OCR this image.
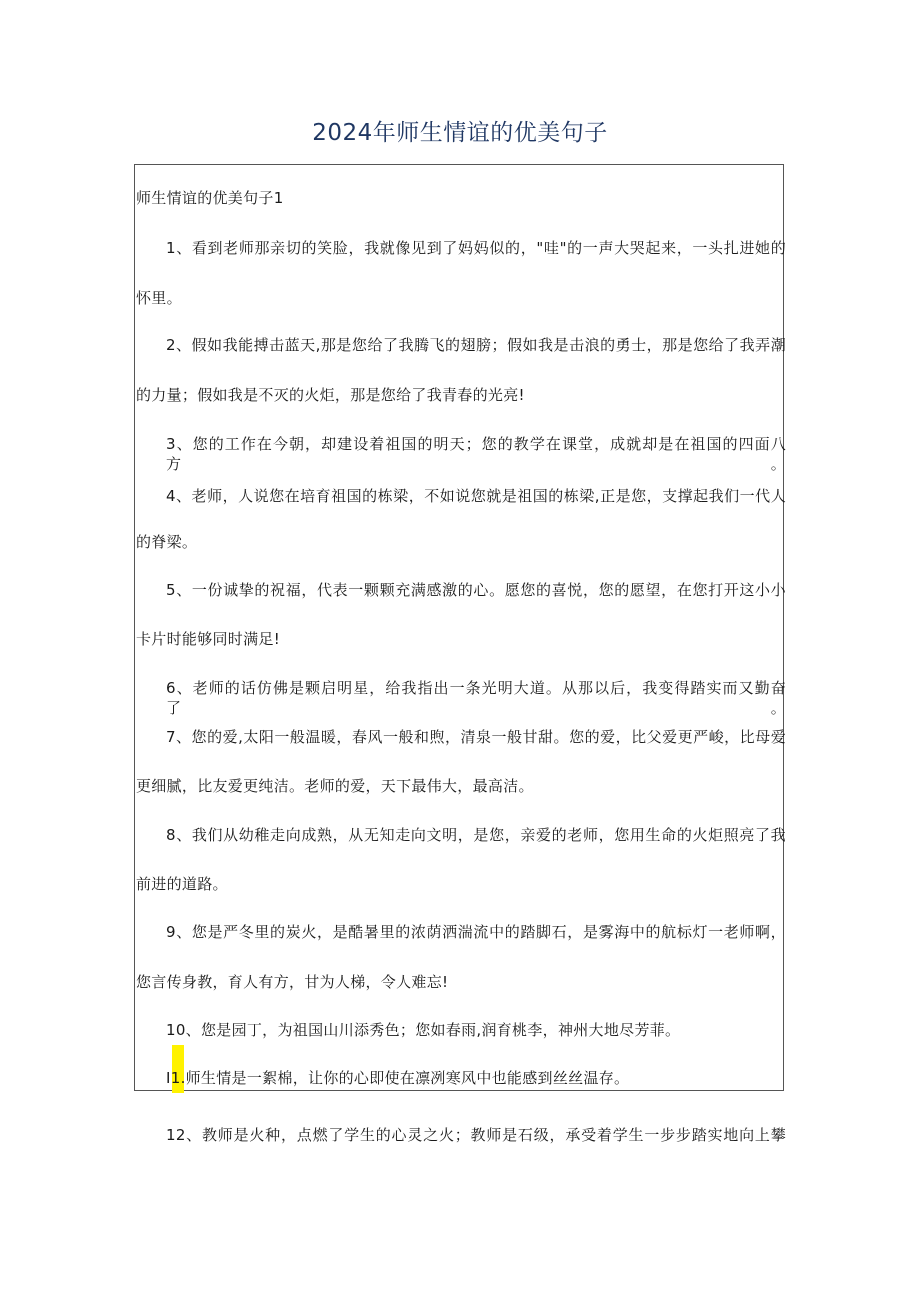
2024年师生情谊的优美句子
师生情谊的优美句子1
1、看到老师那亲切的笑脸，我就像见到了妈妈似的，"哇"的一声大哭起来，一头扎进她的
怀里。
2、假如我能搏击蓝天,那是您给了我腾飞的翅膀；假如我是击浪的勇士，那是您给了我弄潮
的力量；假如我是不灭的火炬，那是您给了我青春的光亮!
3、您的工作在今朝，却建设着祖国的明天；您的教学在课堂，成就却是在祖国的四面八方。
4、老师，人说您在培育祖国的栋梁，不如说您就是祖国的栋梁,正是您，支撑起我们一代人
的脊梁。
5、一份诚挚的祝福，代表一颗颗充满感激的心。愿您的喜悦，您的愿望，在您打开这小小
卡片时能够同时满足!
6、老师的话仿佛是颗启明星，给我指出一条光明大道。从那以后，我变得踏实而又勤奋了。
7、您的爱,太阳一般温暖，春风一般和煦，清泉一般甘甜。您的爱，比父爱更严峻，比母爱
更细腻，比友爱更纯洁。老师的爱，天下最伟大，最高洁。
8、我们从幼稚走向成熟，从无知走向文明，是您，亲爱的老师，您用生命的火炬照亮了我
前进的道路。
9、您是严冬里的炭火，是酷暑里的浓荫洒湍流中的踏脚石，是雾海中的航标灯一老师啊，
您言传身教，育人有方，甘为人梯，令人难忘!
10、您是园丁，为祖国山川添秀色；您如春雨,润育桃李，神州大地尽芳菲。
I1.师生情是一絮棉，让你的心即使在凛冽寒风中也能感到丝丝温存。
12、教师是火种，点燃了学生的心灵之火；教师是石级，承受着学生一步步踏实地向上攀
